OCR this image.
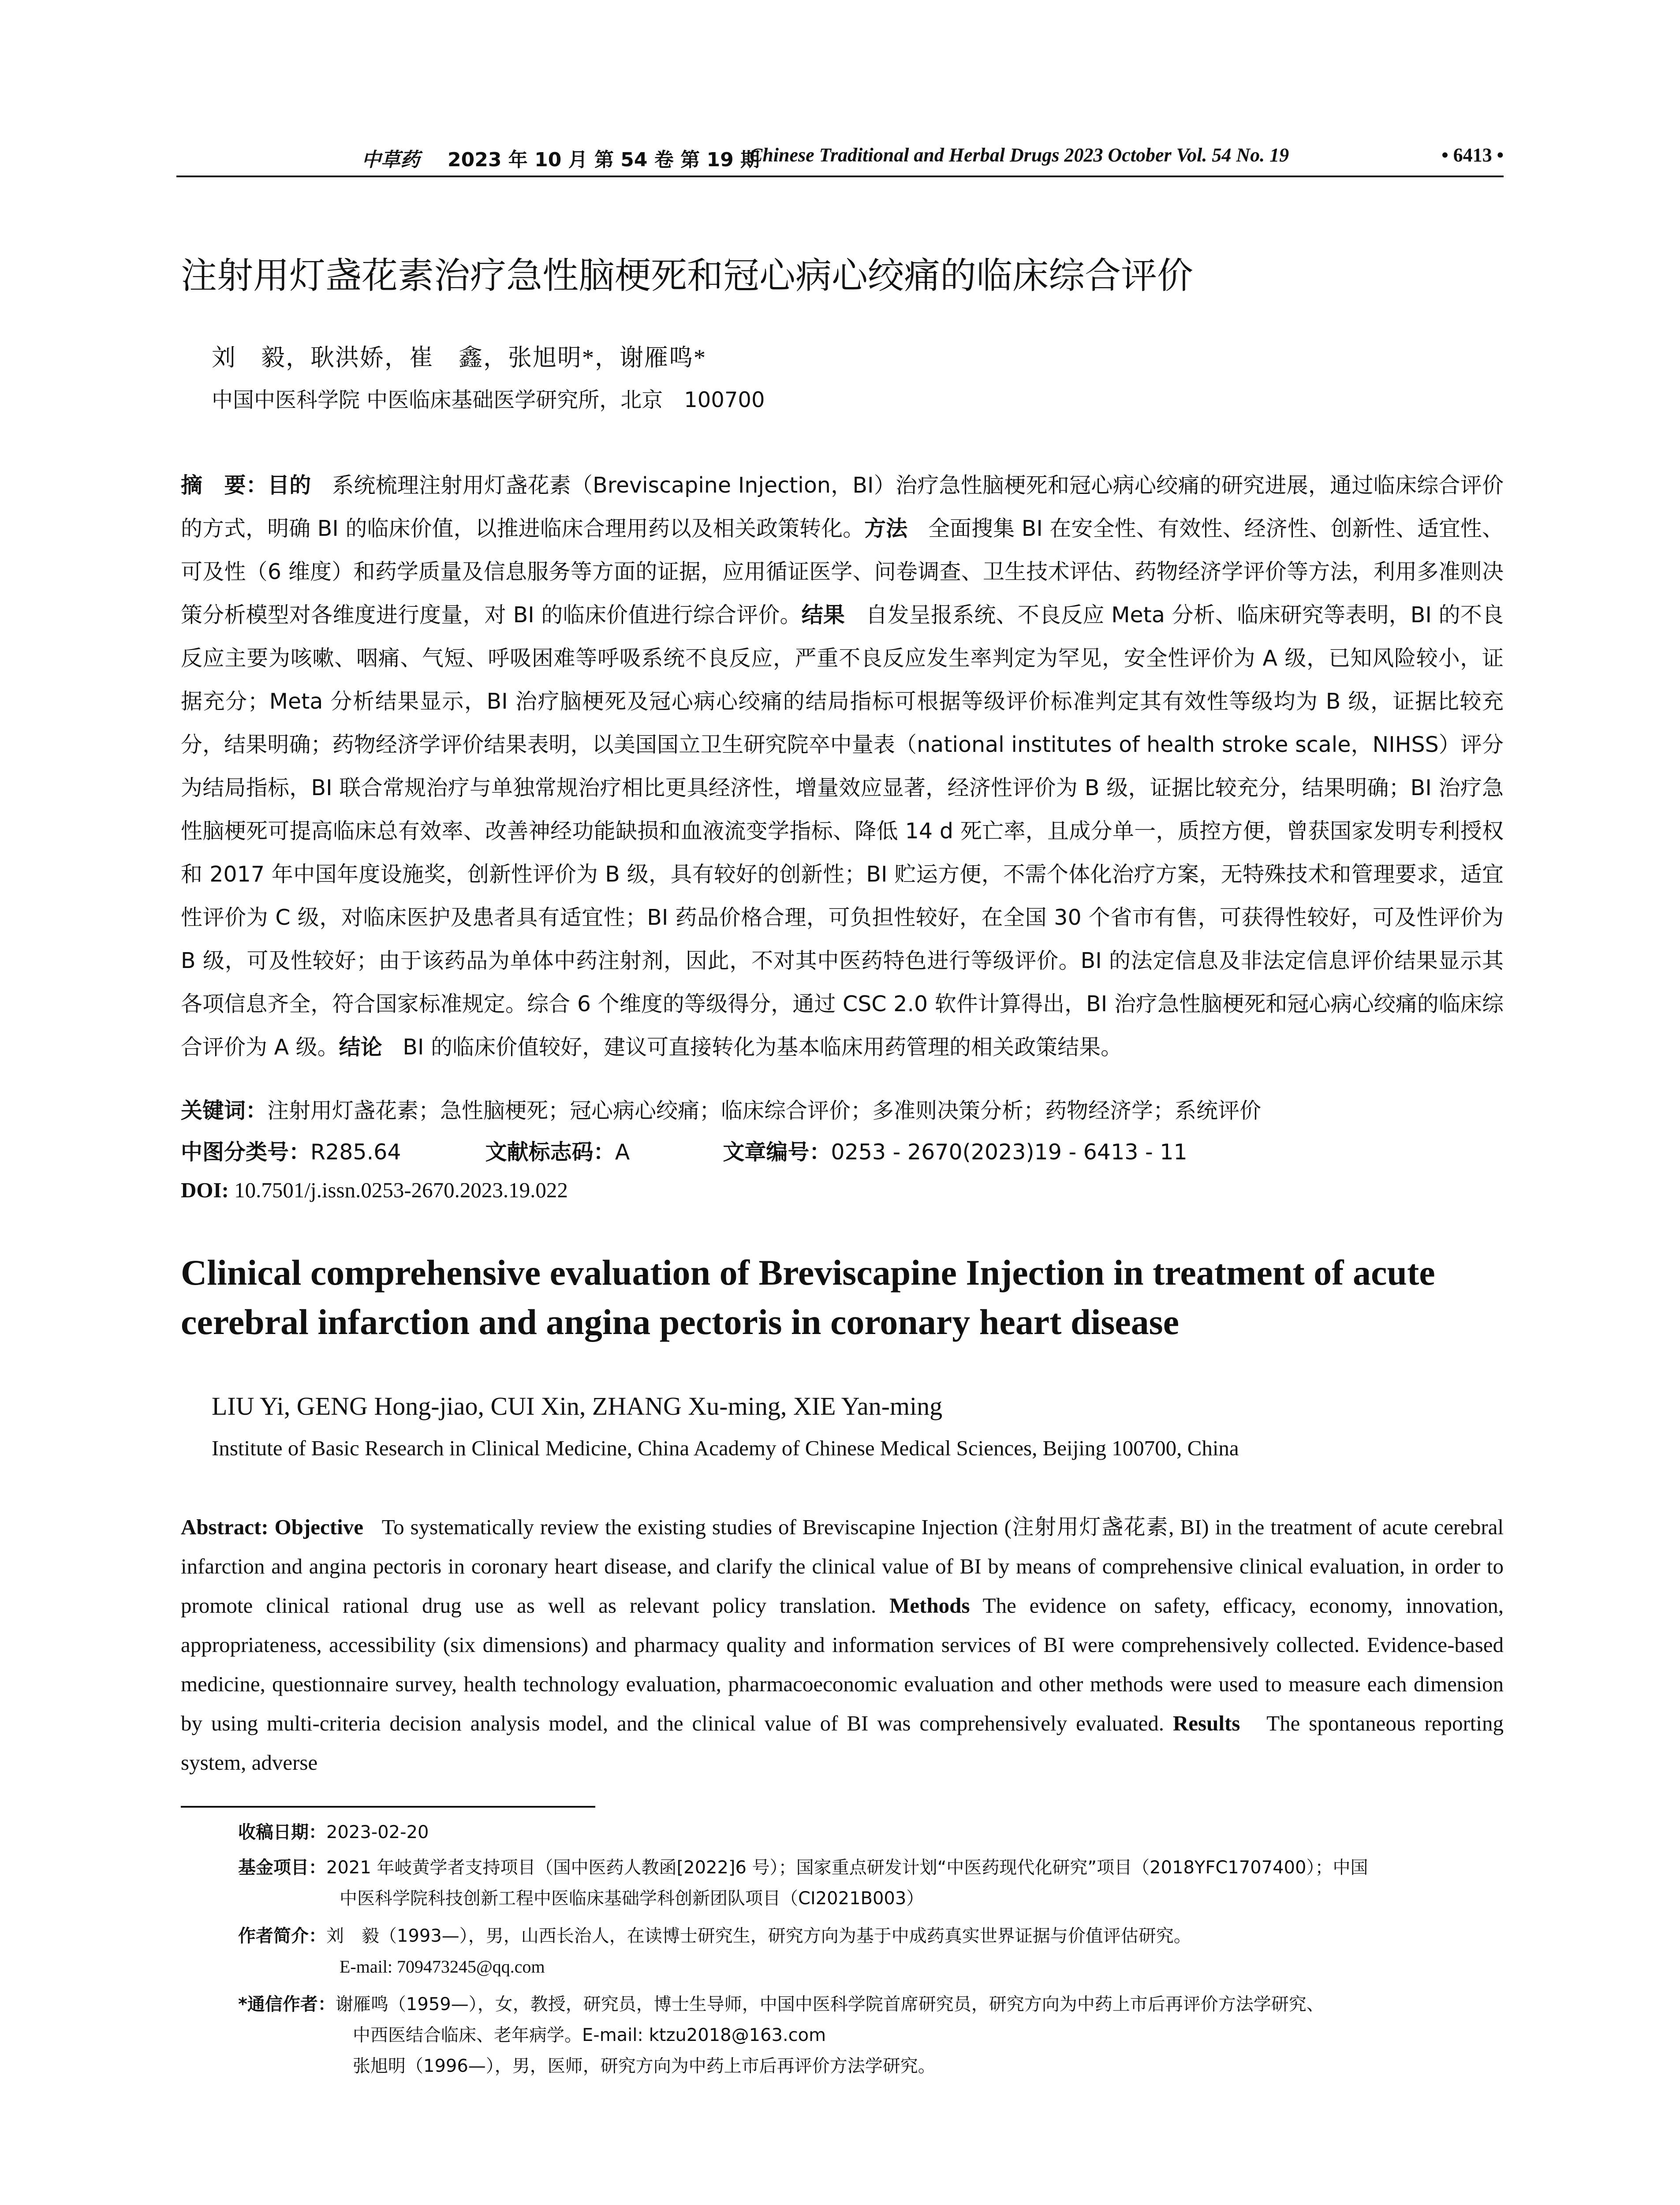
中草药 2023 年 10 月 第 54 卷 第 19 期
Chinese Traditional and Herbal Drugs 2023 October Vol. 54 No. 19	• 6413 •
注射用灯盏花素治疗急性脑梗死和冠心病心绞痛的临床综合评价
刘　毅，耿洪娇，崔　鑫，张旭明*，谢雁鸣*
中国中医科学院 中医临床基础医学研究所，北京　100700
摘　要：目的 系统梳理注射用灯盏花素（Breviscapine Injection，BI）治疗急性脑梗死和冠心病心绞痛的研究进展，通过临床综合评价的方式，明确 BI 的临床价值，以推进临床合理用药以及相关政策转化。方法 全面搜集 BI 在安全性、有效性、经济性、创新性、适宜性、可及性（6 维度）和药学质量及信息服务等方面的证据，应用循证医学、问卷调查、卫生技术评估、药物经济学评价等方法，利用多准则决策分析模型对各维度进行度量，对 BI 的临床价值进行综合评价。结果 自发呈报系统、不良反应 Meta 分析、临床研究等表明，BI 的不良反应主要为咳嗽、咽痛、气短、呼吸困难等呼吸系统不良反应，严重不良反应发生率判定为罕见，安全性评价为 A 级，已知风险较小，证据充分；Meta 分析结果显示，BI 治疗脑梗死及冠心病心绞痛的结局指标可根据等级评价标准判定其有效性等级均为 B 级，证据比较充分，结果明确；药物经济学评价结果表明，以美国国立卫生研究院卒中量表（national institutes of health stroke scale，NIHSS）评分为结局指标，BI 联合常规治疗与单独常规治疗相比更具经济性，增量效应显著，经济性评价为 B 级，证据比较充分，结果明确；BI 治疗急性脑梗死可提高临床总有效率、改善神经功能缺损和血液流变学指标、降低 14 d 死亡率，且成分单一，质控方便，曾获国家发明专利授权和 2017 年中国年度设施奖，创新性评价为 B 级，具有较好的创新性；BI 贮运方便，不需个体化治疗方案，无特殊技术和管理要求，适宜性评价为 C 级，对临床医护及患者具有适宜性；BI 药品价格合理，可负担性较好，在全国 30 个省市有售，可获得性较好，可及性评价为 B 级，可及性较好；由于该药品为单体中药注射剂，因此，不对其中医药特色进行等级评价。BI 的法定信息及非法定信息评价结果显示其各项信息齐全，符合国家标准规定。综合 6 个维度的等级得分，通过 CSC 2.0 软件计算得出，BI 治疗急性脑梗死和冠心病心绞痛的临床综合评价为 A 级。结论 BI 的临床价值较好，建议可直接转化为基本临床用药管理的相关政策结果。
关键词：注射用灯盏花素；急性脑梗死；冠心病心绞痛；临床综合评价；多准则决策分析；药物经济学；系统评价
中图分类号：R285.64	文献标志码：A	文章编号：0253 - 2670(2023)19 - 6413 - 11
DOI: 10.7501/j.issn.0253-2670.2023.19.022
Clinical comprehensive evaluation of Breviscapine Injection in treatment of acute cerebral infarction and angina pectoris in coronary heart disease
LIU Yi, GENG Hong-jiao, CUI Xin, ZHANG Xu-ming, XIE Yan-ming
Institute of Basic Research in Clinical Medicine, China Academy of Chinese Medical Sciences, Beijing 100700, China
Abstract: Objective To systematically review the existing studies of Breviscapine Injection (注射用灯盏花素, BI) in the treatment of acute cerebral infarction and angina pectoris in coronary heart disease, and clarify the clinical value of BI by means of comprehensive clinical evaluation, in order to promote clinical rational drug use as well as relevant policy translation. Methods The evidence on safety, efficacy, economy, innovation, appropriateness, accessibility (six dimensions) and pharmacy quality and information services of BI were comprehensively collected. Evidence-based medicine, questionnaire survey, health technology evaluation, pharmacoeconomic evaluation and other methods were used to measure each dimension by using multi-criteria decision analysis model, and the clinical value of BI was comprehensively evaluated. Results The spontaneous reporting system, adverse
收稿日期：2023-02-20
基金项目：2021 年岐黄学者支持项目（国中医药人教函[2022]6 号）；国家重点研发计划“中医药现代化研究”项目（2018YFC1707400）；中国
中医科学院科技创新工程中医临床基础学科创新团队项目（CI2021B003）
作者简介：刘　毅（1993—），男，山西长治人，在读博士研究生，研究方向为基于中成药真实世界证据与价值评估研究。
E-mail: 709473245@qq.com
*通信作者：谢雁鸣（1959—），女，教授，研究员，博士生导师，中国中医科学院首席研究员，研究方向为中药上市后再评价方法学研究、
中西医结合临床、老年病学。E-mail: ktzu2018@163.com
张旭明（1996—），男，医师，研究方向为中药上市后再评价方法学研究。
